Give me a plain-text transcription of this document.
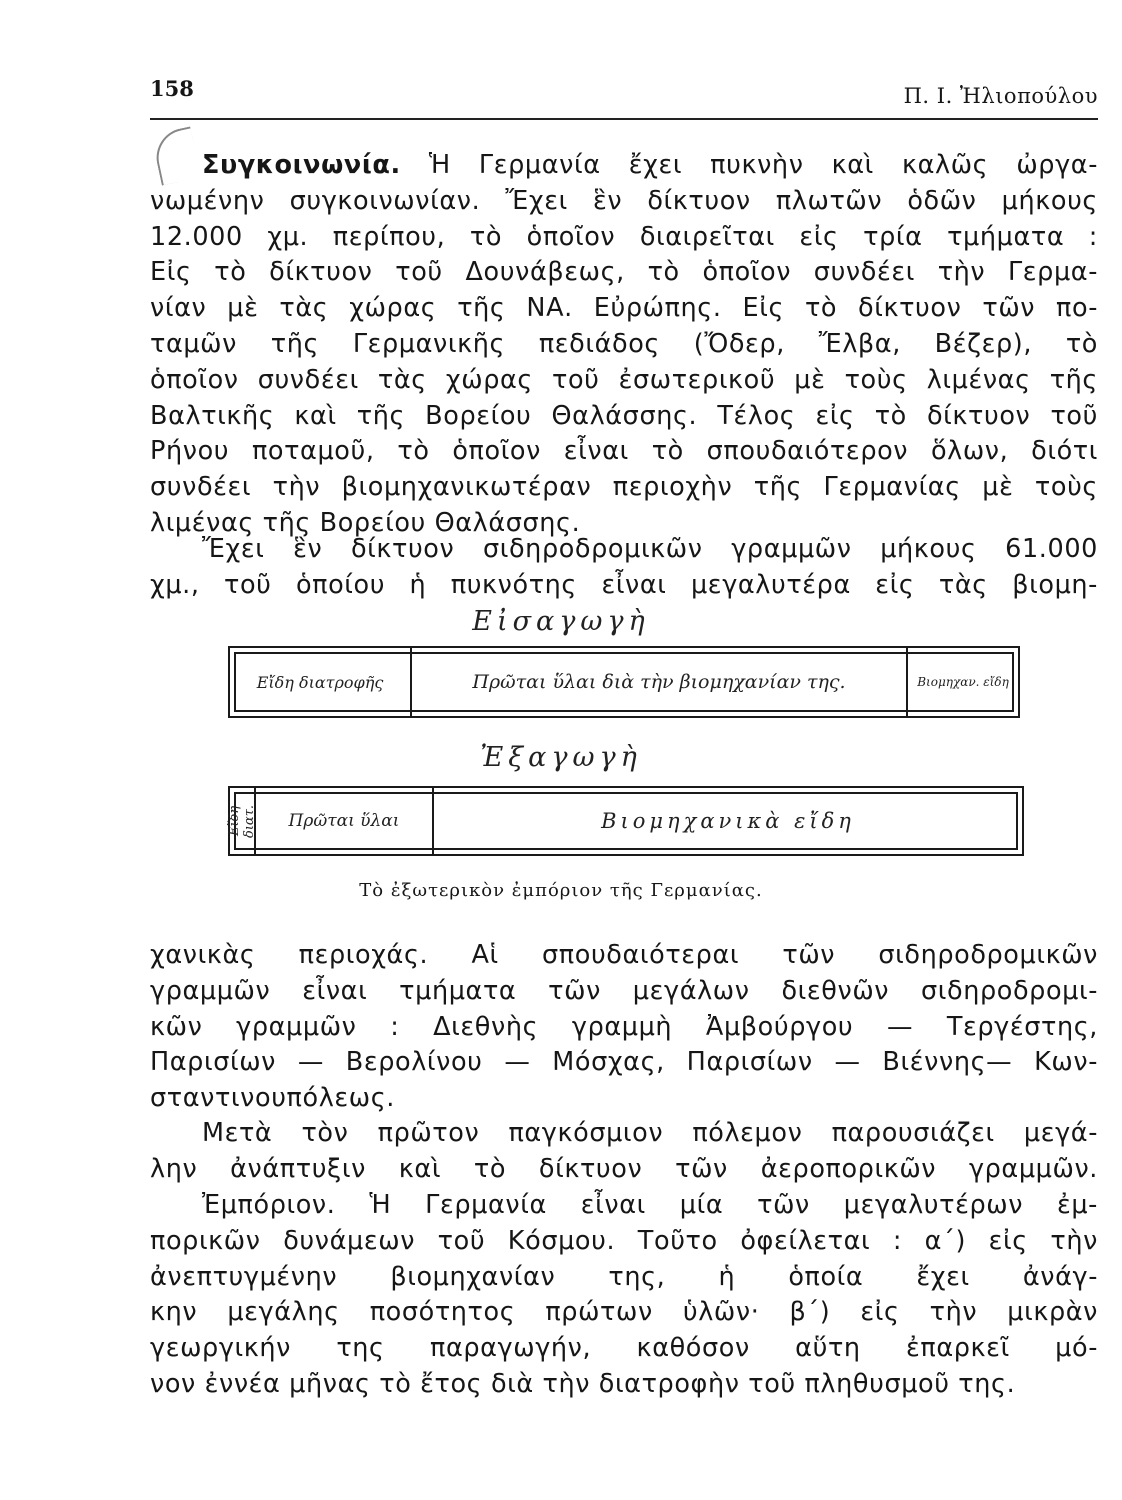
158	Π. Ι. Ἠλιοπούλου
Συγκοινωνία. Ἡ Γερμανία ἔχει πυκνὴν καὶ καλῶς ὠργα-
νωμένην συγκοινωνίαν. Ἔχει ἓν δίκτυον πλωτῶν ὁδῶν μήκους
12.000 χμ. περίπου, τὸ ὁποῖον διαιρεῖται εἰς τρία τμήματα :
Εἰς τὸ δίκτυον τοῦ Δουνάβεως, τὸ ὁποῖον συνδέει τὴν Γερμα-
νίαν μὲ τὰς χώρας τῆς ΝΑ. Εὐρώπης. Εἰς τὸ δίκτυον τῶν πο-
ταμῶν τῆς Γερμανικῆς πεδιάδος (Ὄδερ, Ἔλβα, Βέζερ), τὸ
ὁποῖον συνδέει τὰς χώρας τοῦ ἐσωτερικοῦ μὲ τοὺς λιμένας τῆς
Βαλτικῆς καὶ τῆς Βορείου Θαλάσσης. Τέλος εἰς τὸ δίκτυον τοῦ
Ρήνου ποταμοῦ, τὸ ὁποῖον εἶναι τὸ σπουδαιότερον ὅλων, διότι
συνδέει τὴν βιομηχανικωτέραν περιοχὴν τῆς Γερμανίας μὲ τοὺς
λιμένας τῆς Βορείου Θαλάσσης.
Ἔχει ἓν δίκτυον σιδηροδρομικῶν γραμμῶν μήκους 61.000
χμ., τοῦ ὁποίου ἡ πυκνότης εἶναι μεγαλυτέρα εἰς τὰς βιομη-
Εἰσαγωγὴ
Εἴδη διατροφῆς	Πρῶται ὕλαι διὰ τὴν βιομηχανίαν της.	Βιομηχαν. εἴδη
Ἐξαγωγὴ
Εἴδη διατ.	Πρῶται ὕλαι	Βιομηχανικὰ εἴδη
Τὸ ἐξωτερικὸν ἐμπόριον τῆς Γερμανίας.
χανικὰς περιοχάς. Αἱ σπουδαιότεραι τῶν σιδηροδρομικῶν
γραμμῶν εἶναι τμήματα τῶν μεγάλων διεθνῶν σιδηροδρομι-
κῶν γραμμῶν : Διεθνὴς γραμμὴ Ἀμβούργου — Τεργέστης,
Παρισίων — Βερολίνου — Μόσχας, Παρισίων — Βιέννης— Κων-
σταντινουπόλεως.
Μετὰ τὸν πρῶτον παγκόσμιον πόλεμον παρουσιάζει μεγά-
λην ἀνάπτυξιν καὶ τὸ δίκτυον τῶν ἀεροπορικῶν γραμμῶν.
Ἐμπόριον. Ἡ Γερμανία εἶναι μία τῶν μεγαλυτέρων ἐμ-
πορικῶν δυνάμεων τοῦ Κόσμου. Τοῦτο ὀφείλεται : α΄) εἰς τὴν
ἀνεπτυγμένην βιομηχανίαν της, ἡ ὁποία ἔχει ἀνάγ-
κην μεγάλης ποσότητος πρώτων ὑλῶν· β΄) εἰς τὴν μικρὰν
γεωργικήν της παραγωγήν, καθόσον αὕτη ἐπαρκεῖ μό-
νον ἐννέα μῆνας τὸ ἔτος διὰ τὴν διατροφὴν τοῦ πληθυσμοῦ της.
